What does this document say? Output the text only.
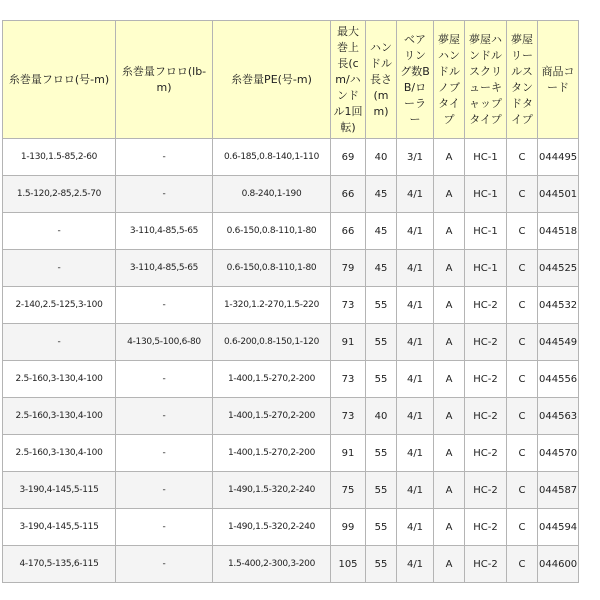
糸巻量フロロ(号-m)	糸巻量フロロ(lb-m)	糸巻量PE(号-m)	最大巻上長(cm/ハンドル1回転)	ハンドル長さ(mm)	ベアリング数BB/ローラー	夢屋ハンドルノブタイプ	夢屋ハンドルスクリューキャップタイプ	夢屋リールスタンドタイプ	商品コード
1-130,1.5-85,2-60	-	0.6-185,0.8-140,1-110	69	40	3/1	A	HC-1	C	044495
1.5-120,2-85,2.5-70	-	0.8-240,1-190	66	45	4/1	A	HC-1	C	044501
-	3-110,4-85,5-65	0.6-150,0.8-110,1-80	66	45	4/1	A	HC-1	C	044518
-	3-110,4-85,5-65	0.6-150,0.8-110,1-80	79	45	4/1	A	HC-1	C	044525
2-140,2.5-125,3-100	-	1-320,1.2-270,1.5-220	73	55	4/1	A	HC-2	C	044532
-	4-130,5-100,6-80	0.6-200,0.8-150,1-120	91	55	4/1	A	HC-2	C	044549
2.5-160,3-130,4-100	-	1-400,1.5-270,2-200	73	55	4/1	A	HC-2	C	044556
2.5-160,3-130,4-100	-	1-400,1.5-270,2-200	73	40	4/1	A	HC-2	C	044563
2.5-160,3-130,4-100	-	1-400,1.5-270,2-200	91	55	4/1	A	HC-2	C	044570
3-190,4-145,5-115	-	1-490,1.5-320,2-240	75	55	4/1	A	HC-2	C	044587
3-190,4-145,5-115	-	1-490,1.5-320,2-240	99	55	4/1	A	HC-2	C	044594
4-170,5-135,6-115	-	1.5-400,2-300,3-200	105	55	4/1	A	HC-2	C	044600
